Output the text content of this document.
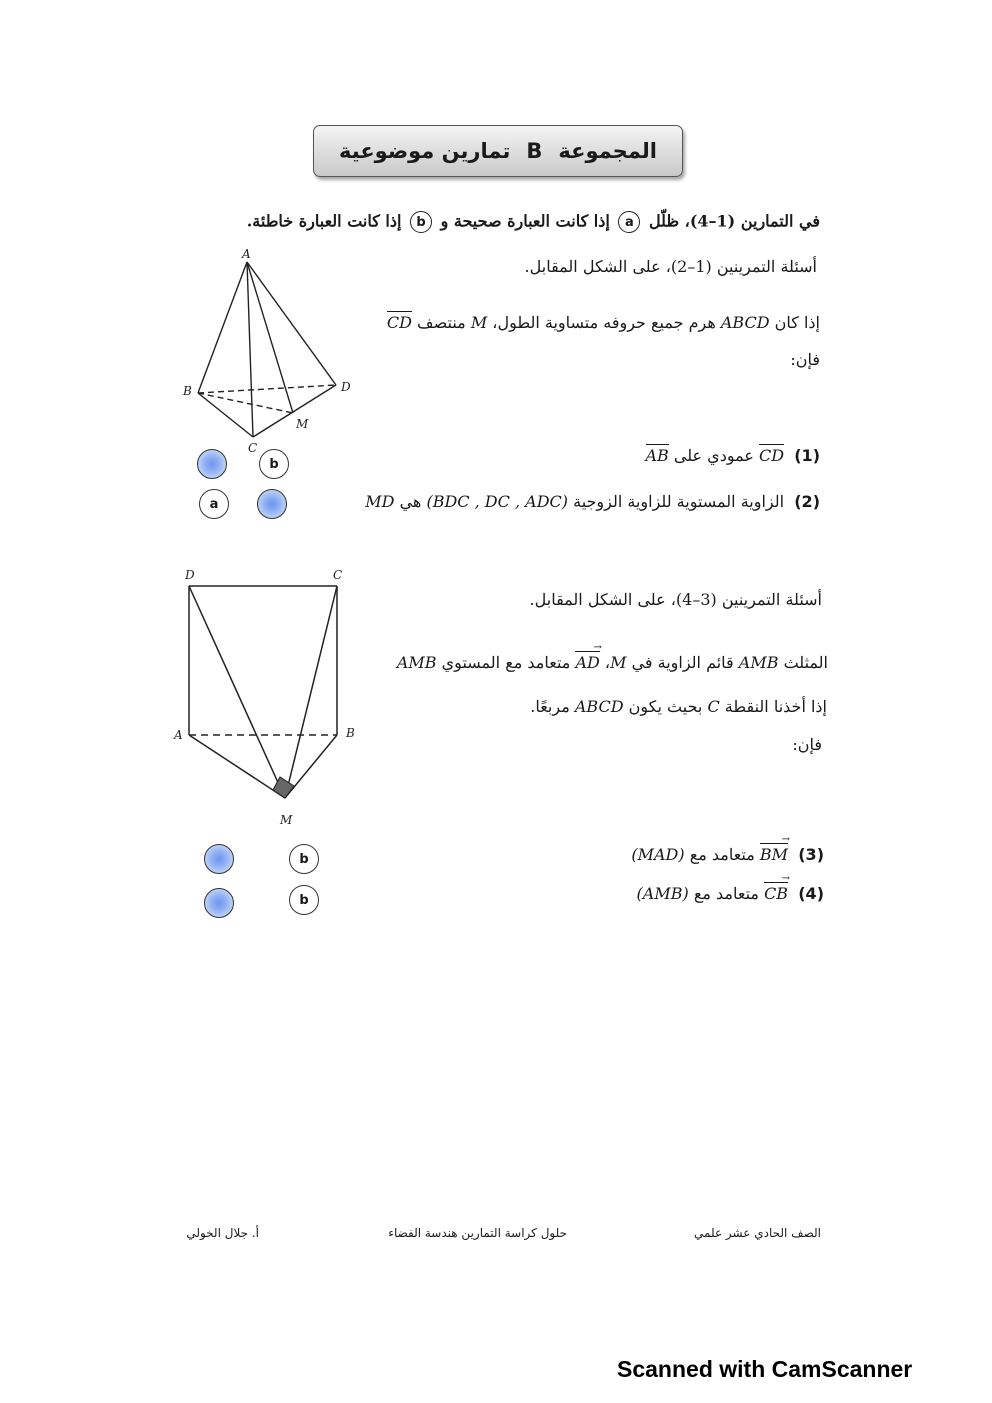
المجموعة
B
تمارين موضوعية
في التمارين (1–4)، ظلّل a إذا كانت العبارة صحيحة و b إذا كانت العبارة خاطئة.
A
B
C
D
M
أسئلة التمرينين (1–2)، على الشكل المقابل.
إذا كان ABCD هرم جميع حروفه متساوية الطول، M منتصف CD
فإن:
(1)  CD عمودي على AB
b
(2)  الزاوية المستوية للزاوية الزوجية (BDC , DC , ADC) هي MD
a
D	C
A	B
M
أسئلة التمرينين (3–4)، على الشكل المقابل.
المثلث AMB قائم الزاوية في M، AD → متعامد مع المستوي AMB
إذا أخذنا النقطة C بحيث يكون ABCD مربعًا.
فإن:
(3)  BM → متعامد مع (MAD)
b
(4)  CB → متعامد مع (AMB)
b
الصف الحادي عشر علمي
حلول كراسة التمارين هندسة الفضاء
أ. جلال الخولي
Scanned with CamScanner
